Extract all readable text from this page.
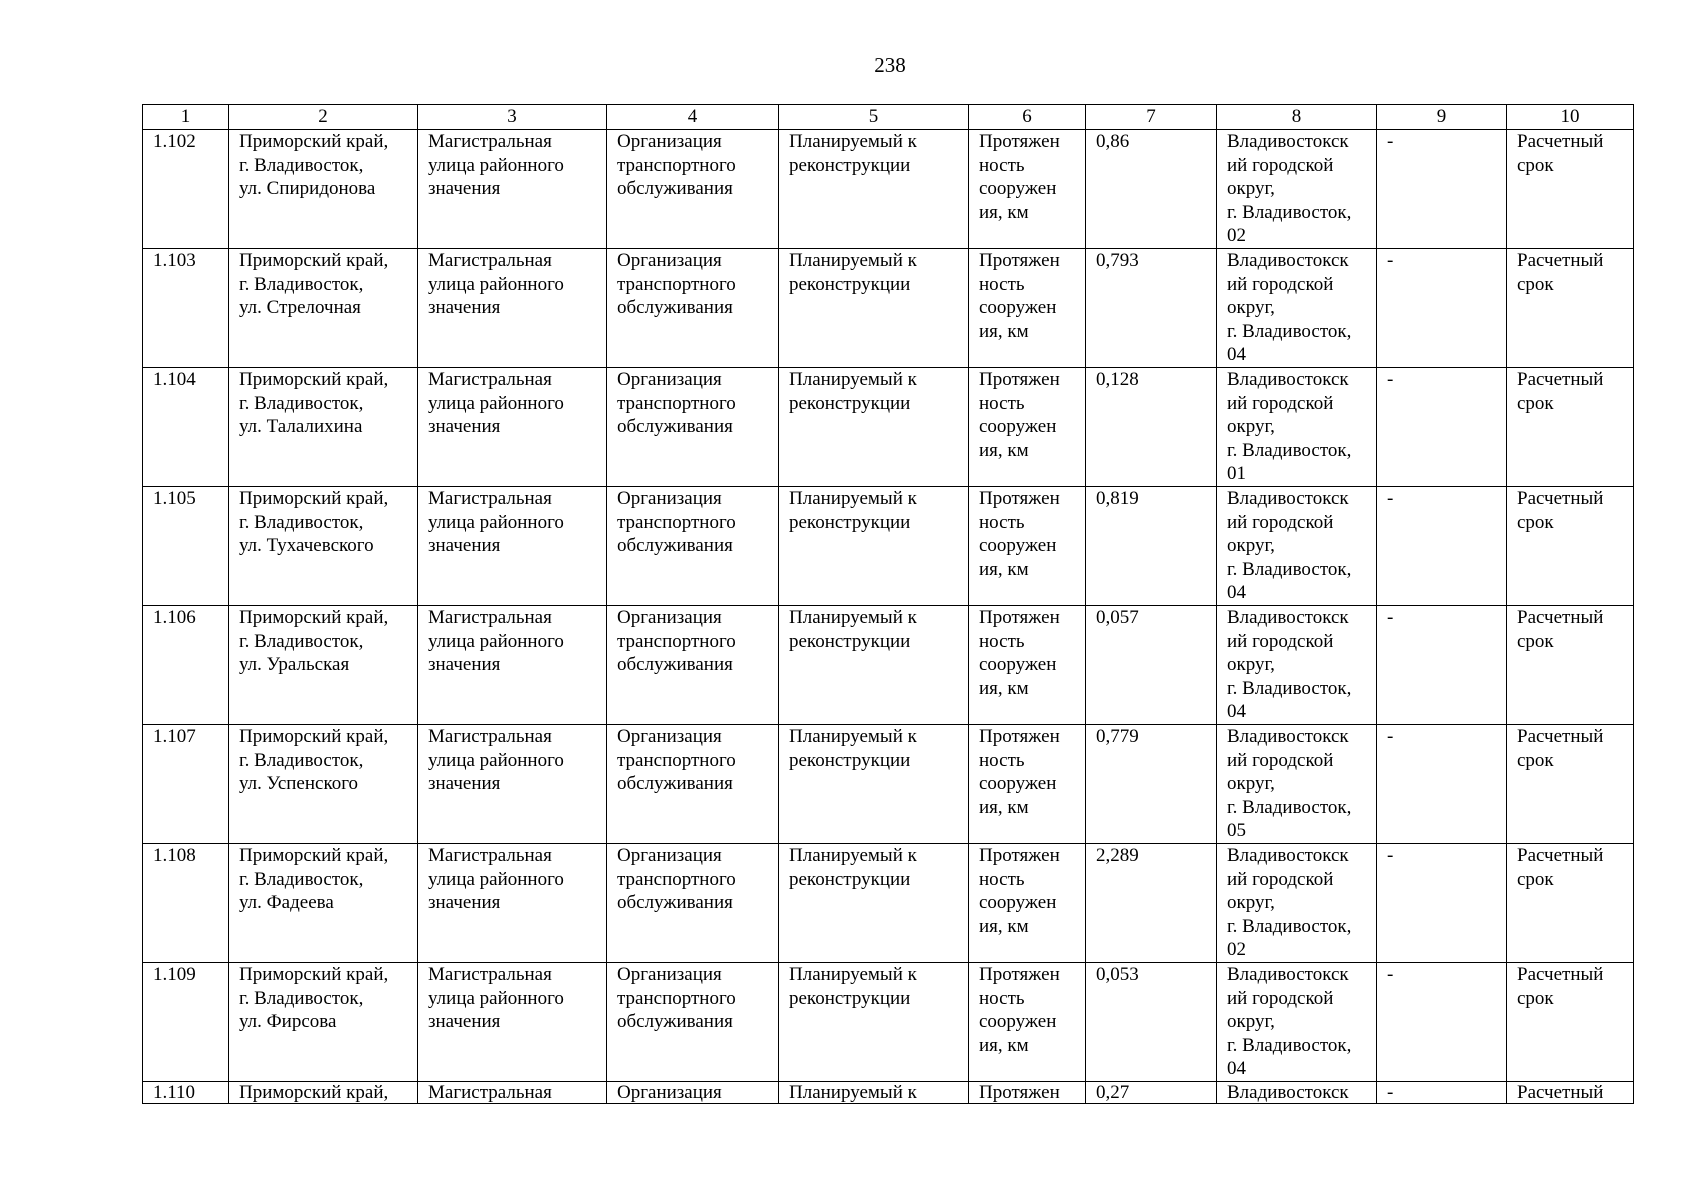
238
1	2	3	4	5	6	7	8	9	10
1.102	Приморский край,
г. Владивосток,
ул. Спиридонова	Магистральная
улица районного
значения	Организация
транспортного
обслуживания	Планируемый к
реконструкции	Протяжен
ность
сооружен
ия, км	0,86	Владивостокск
ий городской
округ,
г. Владивосток,
02	-	Расчетный
срок
1.103	Приморский край,
г. Владивосток,
ул. Стрелочная	Магистральная
улица районного
значения	Организация
транспортного
обслуживания	Планируемый к
реконструкции	Протяжен
ность
сооружен
ия, км	0,793	Владивостокск
ий городской
округ,
г. Владивосток,
04	-	Расчетный
срок
1.104	Приморский край,
г. Владивосток,
ул. Талалихина	Магистральная
улица районного
значения	Организация
транспортного
обслуживания	Планируемый к
реконструкции	Протяжен
ность
сооружен
ия, км	0,128	Владивостокск
ий городской
округ,
г. Владивосток,
01	-	Расчетный
срок
1.105	Приморский край,
г. Владивосток,
ул. Тухачевского	Магистральная
улица районного
значения	Организация
транспортного
обслуживания	Планируемый к
реконструкции	Протяжен
ность
сооружен
ия, км	0,819	Владивостокск
ий городской
округ,
г. Владивосток,
04	-	Расчетный
срок
1.106	Приморский край,
г. Владивосток,
ул. Уральская	Магистральная
улица районного
значения	Организация
транспортного
обслуживания	Планируемый к
реконструкции	Протяжен
ность
сооружен
ия, км	0,057	Владивостокск
ий городской
округ,
г. Владивосток,
04	-	Расчетный
срок
1.107	Приморский край,
г. Владивосток,
ул. Успенского	Магистральная
улица районного
значения	Организация
транспортного
обслуживания	Планируемый к
реконструкции	Протяжен
ность
сооружен
ия, км	0,779	Владивостокск
ий городской
округ,
г. Владивосток,
05	-	Расчетный
срок
1.108	Приморский край,
г. Владивосток,
ул. Фадеева	Магистральная
улица районного
значения	Организация
транспортного
обслуживания	Планируемый к
реконструкции	Протяжен
ность
сооружен
ия, км	2,289	Владивостокск
ий городской
округ,
г. Владивосток,
02	-	Расчетный
срок
1.109	Приморский край,
г. Владивосток,
ул. Фирсова	Магистральная
улица районного
значения	Организация
транспортного
обслуживания	Планируемый к
реконструкции	Протяжен
ность
сооружен
ия, км	0,053	Владивостокск
ий городской
округ,
г. Владивосток,
04	-	Расчетный
срок
1.110	Приморский край,	Магистральная	Организация	Планируемый к	Протяжен	0,27	Владивостокск	-	Расчетный
